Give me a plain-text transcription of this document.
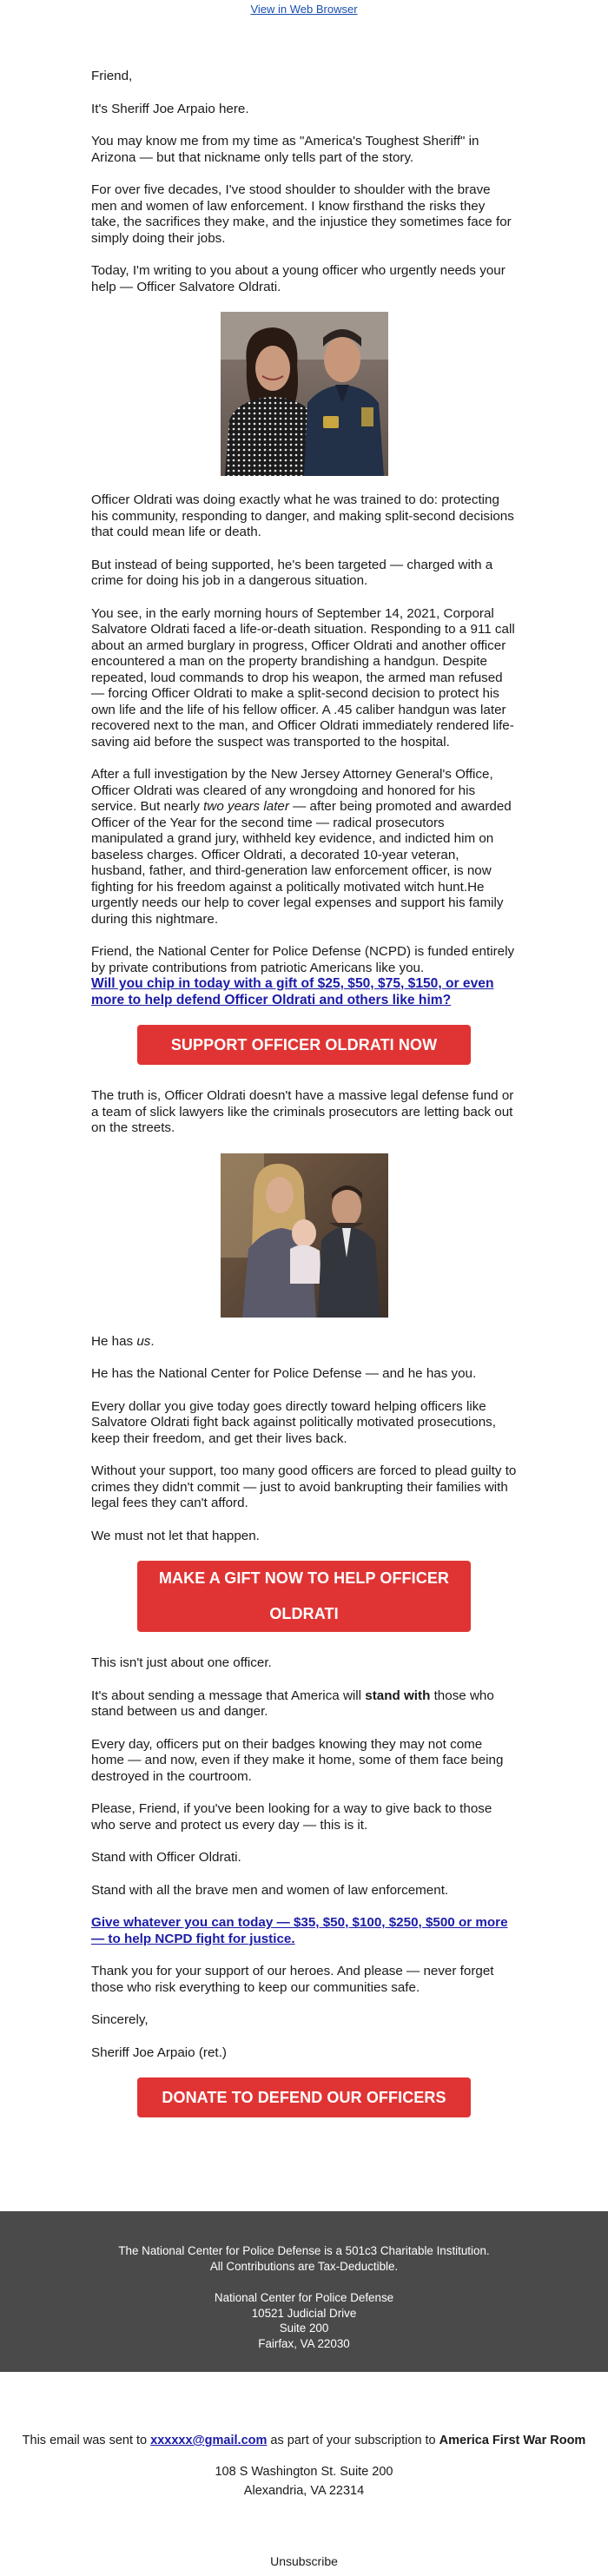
View in Web Browser

Friend,

It's Sheriff Joe Arpaio here.

You may know me from my time as "America's Toughest Sheriff" in Arizona — but that nickname only tells part of the story.

For over five decades, I've stood shoulder to shoulder with the brave men and women of law enforcement. I know firsthand the risks they take, the sacrifices they make, and the injustice they sometimes face for simply doing their jobs.

Today, I'm writing to you about a young officer who urgently needs your help — Officer Salvatore Oldrati.

Officer Oldrati was doing exactly what he was trained to do: protecting his community, responding to danger, and making split-second decisions that could mean life or death.

But instead of being supported, he's been targeted — charged with a crime for doing his job in a dangerous situation.

You see, in the early morning hours of September 14, 2021, Corporal Salvatore Oldrati faced a life-or-death situation. Responding to a 911 call about an armed burglary in progress, Officer Oldrati and another officer encountered a man on the property brandishing a handgun. Despite repeated, loud commands to drop his weapon, the armed man refused — forcing Officer Oldrati to make a split-second decision to protect his own life and the life of his fellow officer. A .45 caliber handgun was later recovered next to the man, and Officer Oldrati immediately rendered life-saving aid before the suspect was transported to the hospital.

After a full investigation by the New Jersey Attorney General's Office, Officer Oldrati was cleared of any wrongdoing and honored for his service. But nearly two years later — after being promoted and awarded Officer of the Year for the second time — radical prosecutors manipulated a grand jury, withheld key evidence, and indicted him on baseless charges. Officer Oldrati, a decorated 10-year veteran, husband, father, and third-generation law enforcement officer, is now fighting for his freedom against a politically motivated witch hunt.He urgently needs our help to cover legal expenses and support his family during this nightmare.

Friend, the National Center for Police Defense (NCPD) is funded entirely by private contributions from patriotic Americans like you.
Will you chip in today with a gift of $25, $50, $75, $150, or even more to help defend Officer Oldrati and others like him?

SUPPORT OFFICER OLDRATI NOW

The truth is, Officer Oldrati doesn't have a massive legal defense fund or a team of slick lawyers like the criminals prosecutors are letting back out on the streets.

He has us.

He has the National Center for Police Defense — and he has you.

Every dollar you give today goes directly toward helping officers like Salvatore Oldrati fight back against politically motivated prosecutions, keep their freedom, and get their lives back.

Without your support, too many good officers are forced to plead guilty to crimes they didn't commit — just to avoid bankrupting their families with legal fees they can't afford.

We must not let that happen.

MAKE A GIFT NOW TO HELP OFFICER OLDRATI

This isn't just about one officer.

It's about sending a message that America will stand with those who stand between us and danger.

Every day, officers put on their badges knowing they may not come home — and now, even if they make it home, some of them face being destroyed in the courtroom.

Please, Friend, if you've been looking for a way to give back to those who serve and protect us every day — this is it.

Stand with Officer Oldrati.

Stand with all the brave men and women of law enforcement.

Give whatever you can today — $35, $50, $100, $250, $500 or more — to help NCPD fight for justice.

Thank you for your support of our heroes. And please — never forget those who risk everything to keep our communities safe.

Sincerely,

Sheriff Joe Arpaio (ret.)

DONATE TO DEFEND OUR OFFICERS

The National Center for Police Defense is a 501c3 Charitable Institution. All Contributions are Tax-Deductible.

National Center for Police Defense
10521 Judicial Drive
Suite 200
Fairfax, VA 22030
This email was sent to xxxxxx@gmail.com as part of your subscription to America First War Room
108 S Washington St. Suite 200
Alexandria, VA 22314
Unsubscribe
